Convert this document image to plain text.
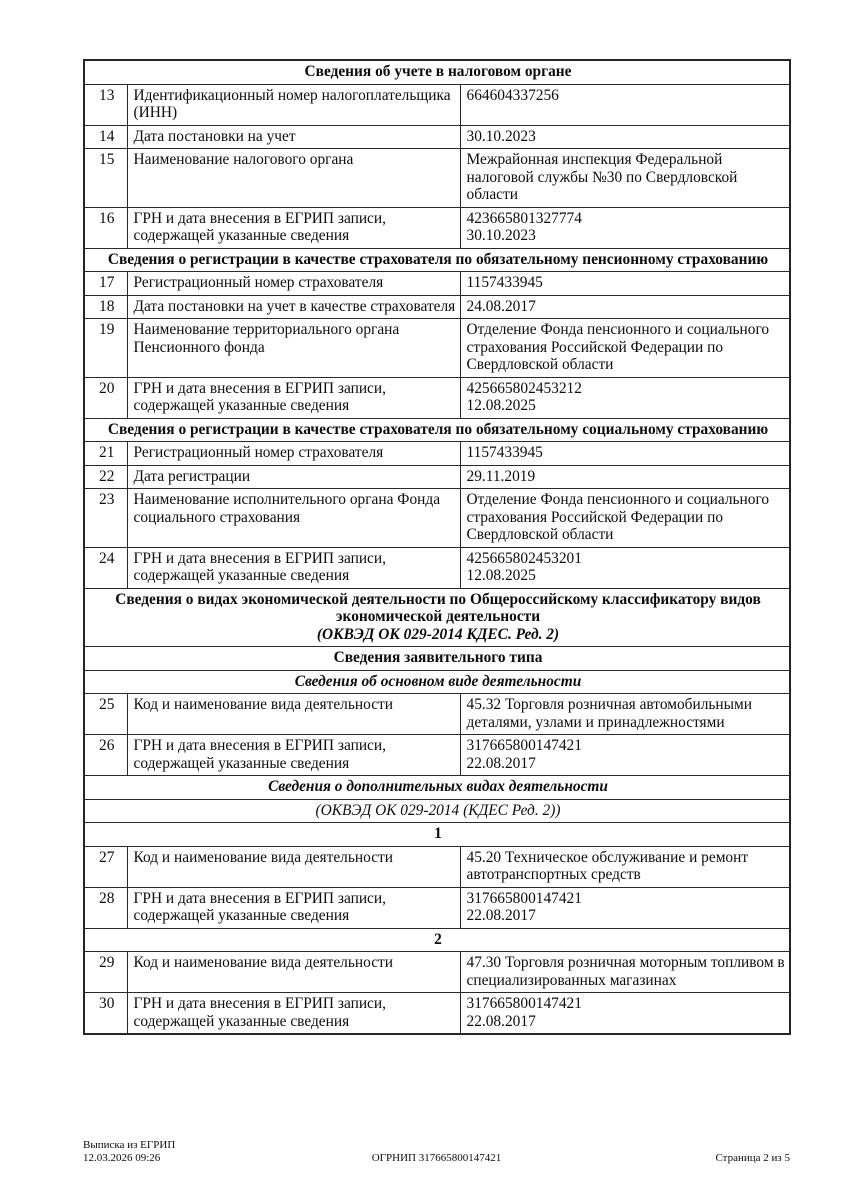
Сведения об учете в налоговом органе		

13	Идентификационный номер налогоплательщика (ИНН)	664604337256

14	Дата постановки на учет	30.10.2023

15	Наименование налогового органа	Межрайонная инспекция Федеральной налоговой службы №30 по Свердловской области

16	ГРН и дата внесения в ЕГРИП записи, содержащей указанные сведения	423665801327774
30.10.2023

Сведения о регистрации в качестве страхователя по обязательному пенсионному страхованию		

17	Регистрационный номер страхователя	1157433945

18	Дата постановки на учет в качестве страхователя	24.08.2017

19	Наименование территориального органа Пенсионного фонда	Отделение Фонда пенсионного и социального страхования Российской Федерации по Свердловской области

20	ГРН и дата внесения в ЕГРИП записи, содержащей указанные сведения	425665802453212
12.08.2025

Сведения о регистрации в качестве страхователя по обязательному социальному страхованию		

21	Регистрационный номер страхователя	1157433945

22	Дата регистрации	29.11.2019

23	Наименование исполнительного органа Фонда социального страхования	Отделение Фонда пенсионного и социального страхования Российской Федерации по Свердловской области

24	ГРН и дата внесения в ЕГРИП записи, содержащей указанные сведения	425665802453201
12.08.2025

Сведения о видах экономической деятельности по Общероссийскому классификатору видов экономической деятельности
(ОКВЭД ОК 029-2014 КДЕС. Ред. 2)		

Сведения заявительного типа		

Сведения об основном виде деятельности		

25	Код и наименование вида деятельности	45.32 Торговля розничная автомобильными деталями, узлами и принадлежностями

26	ГРН и дата внесения в ЕГРИП записи, содержащей указанные сведения	317665800147421
22.08.2017

Сведения о дополнительных видах деятельности		

(ОКВЭД ОК 029-2014 (КДЕС Ред. 2))		

1		

27	Код и наименование вида деятельности	45.20 Техническое обслуживание и ремонт автотранспортных средств

28	ГРН и дата внесения в ЕГРИП записи, содержащей указанные сведения	317665800147421
22.08.2017

2		

29	Код и наименование вида деятельности	47.30 Торговля розничная моторным топливом в специализированных магазинах

30	ГРН и дата внесения в ЕГРИП записи, содержащей указанные сведения	317665800147421
22.08.2017
Выписка из ЕГРИП
12.03.2026 09:26	ОГРНИП 317665800147421	Страница 2 из 5
